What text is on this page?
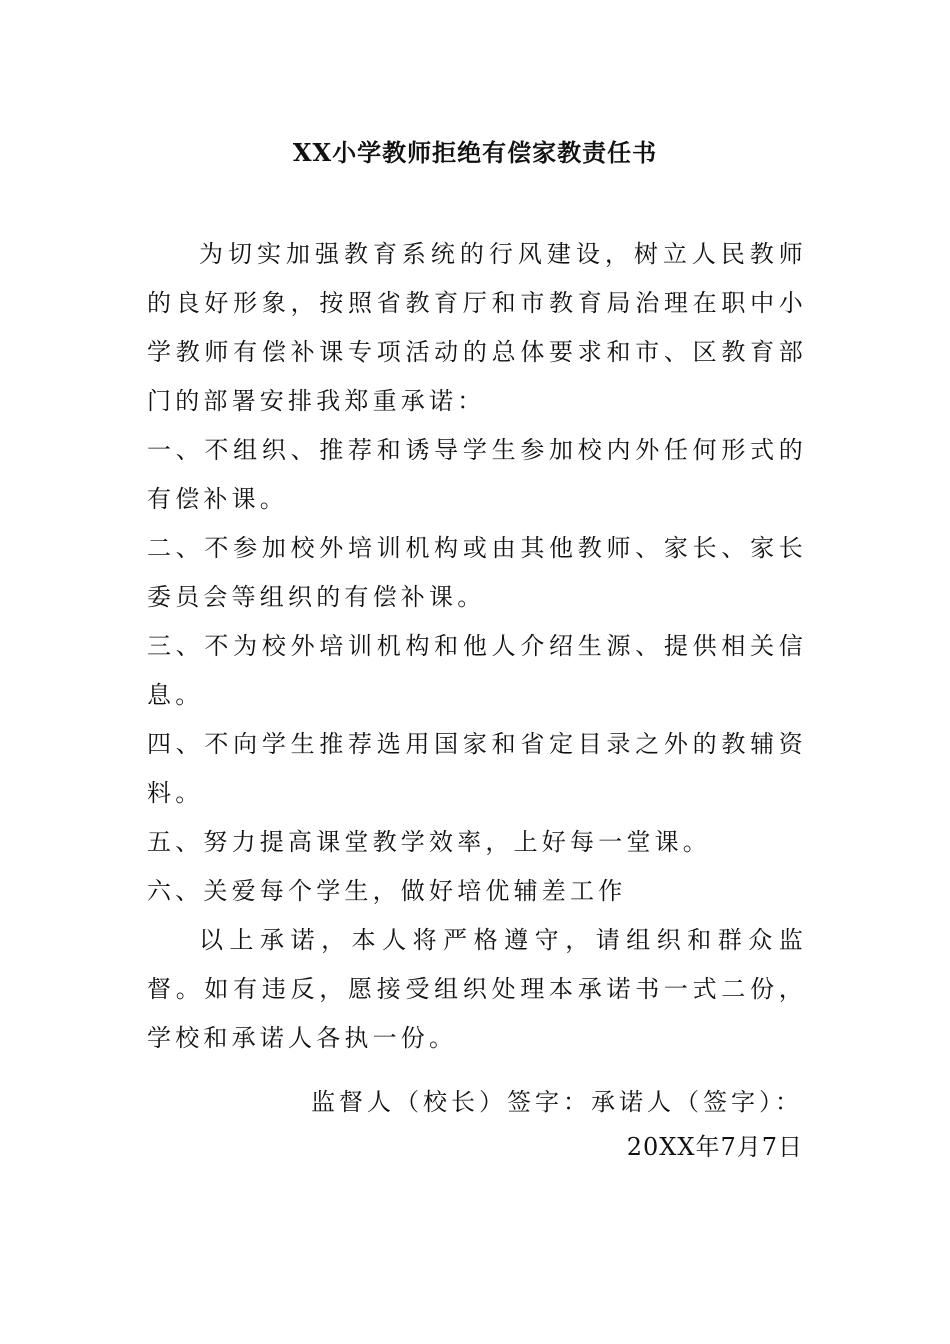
XX小学教师拒绝有偿家教责任书

为切实加强教育系统的行风建设，树立人民教师的良好形象，按照省教育厅和市教育局治理在职中小学教师有偿补课专项活动的总体要求和市、区教育部门的部署安排我郑重承诺：

一、不组织、推荐和诱导学生参加校内外任何形式的有偿补课。

二、不参加校外培训机构或由其他教师、家长、家长委员会等组织的有偿补课。

三、不为校外培训机构和他人介绍生源、提供相关信息。

四、不向学生推荐选用国家和省定目录之外的教辅资料。

五、努力提高课堂教学效率，上好每一堂课。

六、关爱每个学生，做好培优辅差工作

以上承诺，本人将严格遵守，请组织和群众监督。如有违反，愿接受组织处理本承诺书一式二份，学校和承诺人各执一份。

监督人（校长）签字：承诺人（签字）：
20XX年7月7日
